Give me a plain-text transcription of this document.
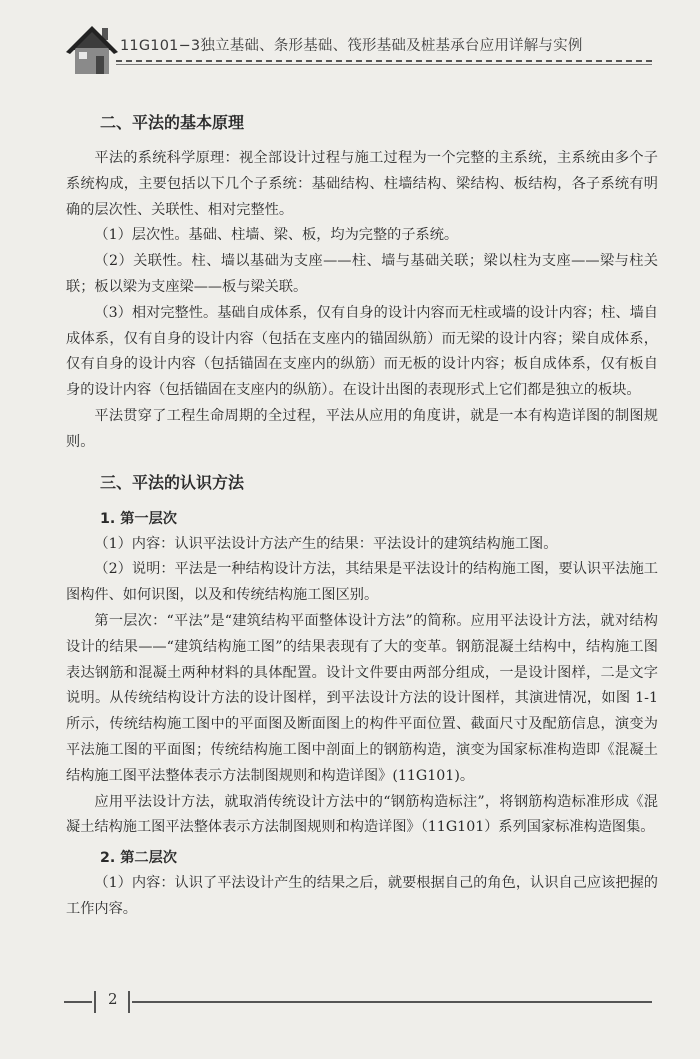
11G101−3独立基础、条形基础、筏形基础及桩基承台应用详解与实例
二、平法的基本原理

平法的系统科学原理：视全部设计过程与施工过程为一个完整的主系统，主系统由多个子系统构成，主要包括以下几个子系统：基础结构、柱墙结构、梁结构、板结构，各子系统有明确的层次性、关联性、相对完整性。

（1）层次性。基础、柱墙、梁、板，均为完整的子系统。

（2）关联性。柱、墙以基础为支座——柱、墙与基础关联；梁以柱为支座——梁与柱关联；板以梁为支座梁——板与梁关联。

（3）相对完整性。基础自成体系，仅有自身的设计内容而无柱或墙的设计内容；柱、墙自成体系，仅有自身的设计内容（包括在支座内的锚固纵筋）而无梁的设计内容；梁自成体系，仅有自身的设计内容（包括锚固在支座内的纵筋）而无板的设计内容；板自成体系，仅有板自身的设计内容（包括锚固在支座内的纵筋）。在设计出图的表现形式上它们都是独立的板块。

平法贯穿了工程生命周期的全过程，平法从应用的角度讲，就是一本有构造详图的制图规则。

三、平法的认识方法
1. 第一层次

（1）内容：认识平法设计方法产生的结果：平法设计的建筑结构施工图。

（2）说明：平法是一种结构设计方法，其结果是平法设计的结构施工图，要认识平法施工图构件、如何识图，以及和传统结构施工图区别。

第一层次：“平法”是“建筑结构平面整体设计方法”的简称。应用平法设计方法，就对结构设计的结果——“建筑结构施工图”的结果表现有了大的变革。钢筋混凝土结构中，结构施工图表达钢筋和混凝土两种材料的具体配置。设计文件要由两部分组成，一是设计图样，二是文字说明。从传统结构设计方法的设计图样，到平法设计方法的设计图样，其演进情况，如图 1-1 所示，传统结构施工图中的平面图及断面图上的构件平面位置、截面尺寸及配筋信息，演变为平法施工图的平面图；传统结构施工图中剖面上的钢筋构造，演变为国家标准构造即《混凝土结构施工图平法整体表示方法制图规则和构造详图》(11G101)。

应用平法设计方法，就取消传统设计方法中的“钢筋构造标注”，将钢筋构造标准形成《混凝土结构施工图平法整体表示方法制图规则和构造详图》（11G101）系列国家标准构造图集。

2. 第二层次

（1）内容：认识了平法设计产生的结果之后，就要根据自己的角色，认识自己应该把握的工作内容。

2
